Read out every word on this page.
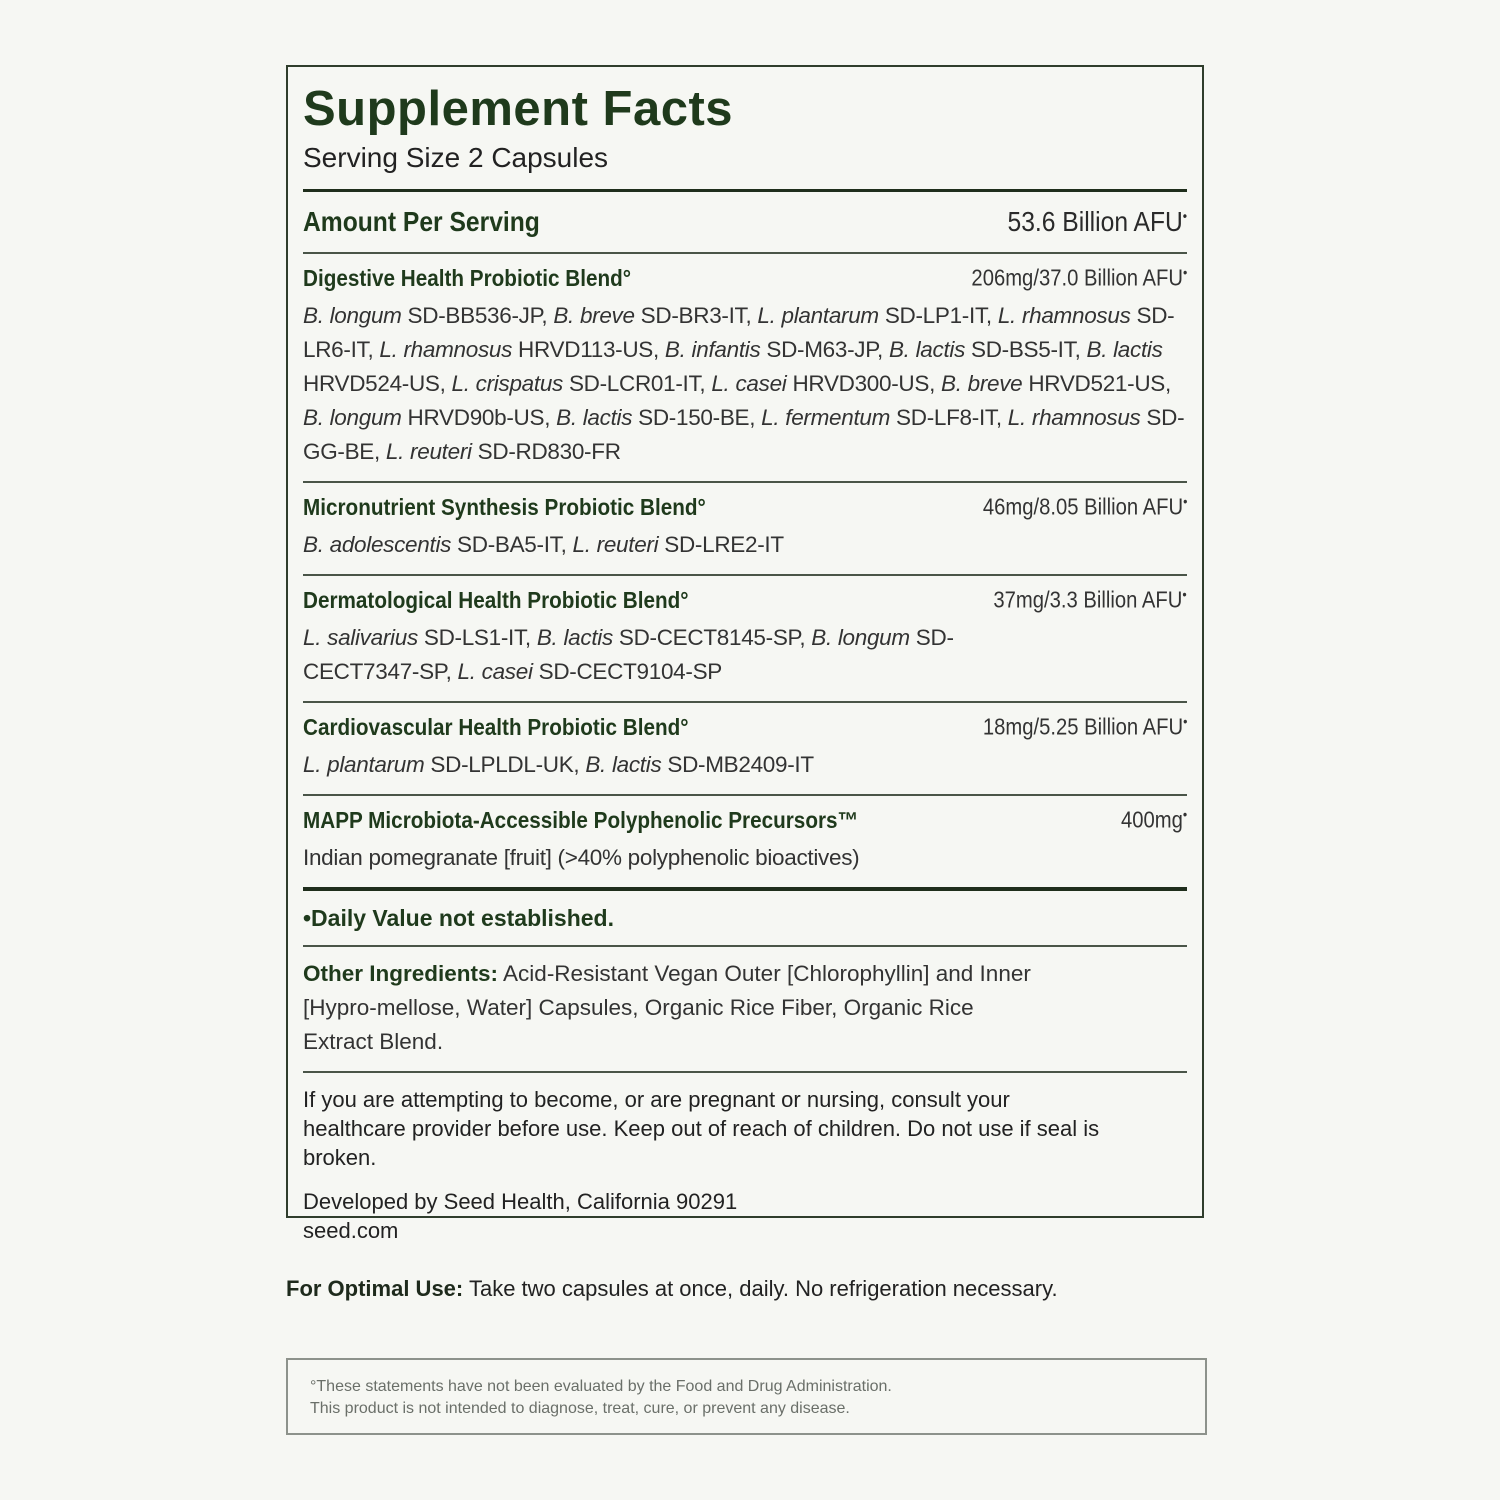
Supplement Facts
Serving Size 2 Capsules
Amount Per Serving	53.6 Billion AFU•
Digestive Health Probiotic Blend°	206mg/37.0 Billion AFU•
B. longum SD-BB536-JP, B. breve SD-BR3-IT, L. plantarum SD-LP1-IT, L. rhamnosus SD-LR6-IT, L. rhamnosus HRVD113-US, B. infantis SD-M63-JP, B. lactis SD-BS5-IT, B. lactis HRVD524-US, L. crispatus SD-LCR01-IT, L. casei HRVD300-US, B. breve HRVD521-US, B. longum HRVD90b-US, B. lactis SD-150-BE, L. fermentum SD-LF8-IT, L. rhamnosus SD-GG-BE, L. reuteri SD-RD830-FR
Micronutrient Synthesis Probiotic Blend°	46mg/8.05 Billion AFU•
B. adolescentis SD-BA5-IT, L. reuteri SD-LRE2-IT
Dermatological Health Probiotic Blend°	37mg/3.3 Billion AFU•
L. salivarius SD-LS1-IT, B. lactis SD-CECT8145-SP, B. longum SD-CECT7347-SP, L. casei SD-CECT9104-SP
Cardiovascular Health Probiotic Blend°	18mg/5.25 Billion AFU•
L. plantarum SD-LPLDL-UK, B. lactis SD-MB2409-IT
MAPP Microbiota-Accessible Polyphenolic Precursors™	400mg•
Indian pomegranate [fruit] (>40% polyphenolic bioactives)
•Daily Value not established.
Other Ingredients: Acid-Resistant Vegan Outer [Chlorophyllin] and Inner [Hypro-mellose, Water] Capsules, Organic Rice Fiber, Organic Rice Extract Blend.
If you are attempting to become, or are pregnant or nursing, consult your healthcare provider before use. Keep out of reach of children. Do not use if seal is broken.
Developed by Seed Health, California 90291
seed.com
For Optimal Use: Take two capsules at once, daily. No refrigeration necessary.
°These statements have not been evaluated by the Food and Drug Administration.
This product is not intended to diagnose, treat, cure, or prevent any disease.
